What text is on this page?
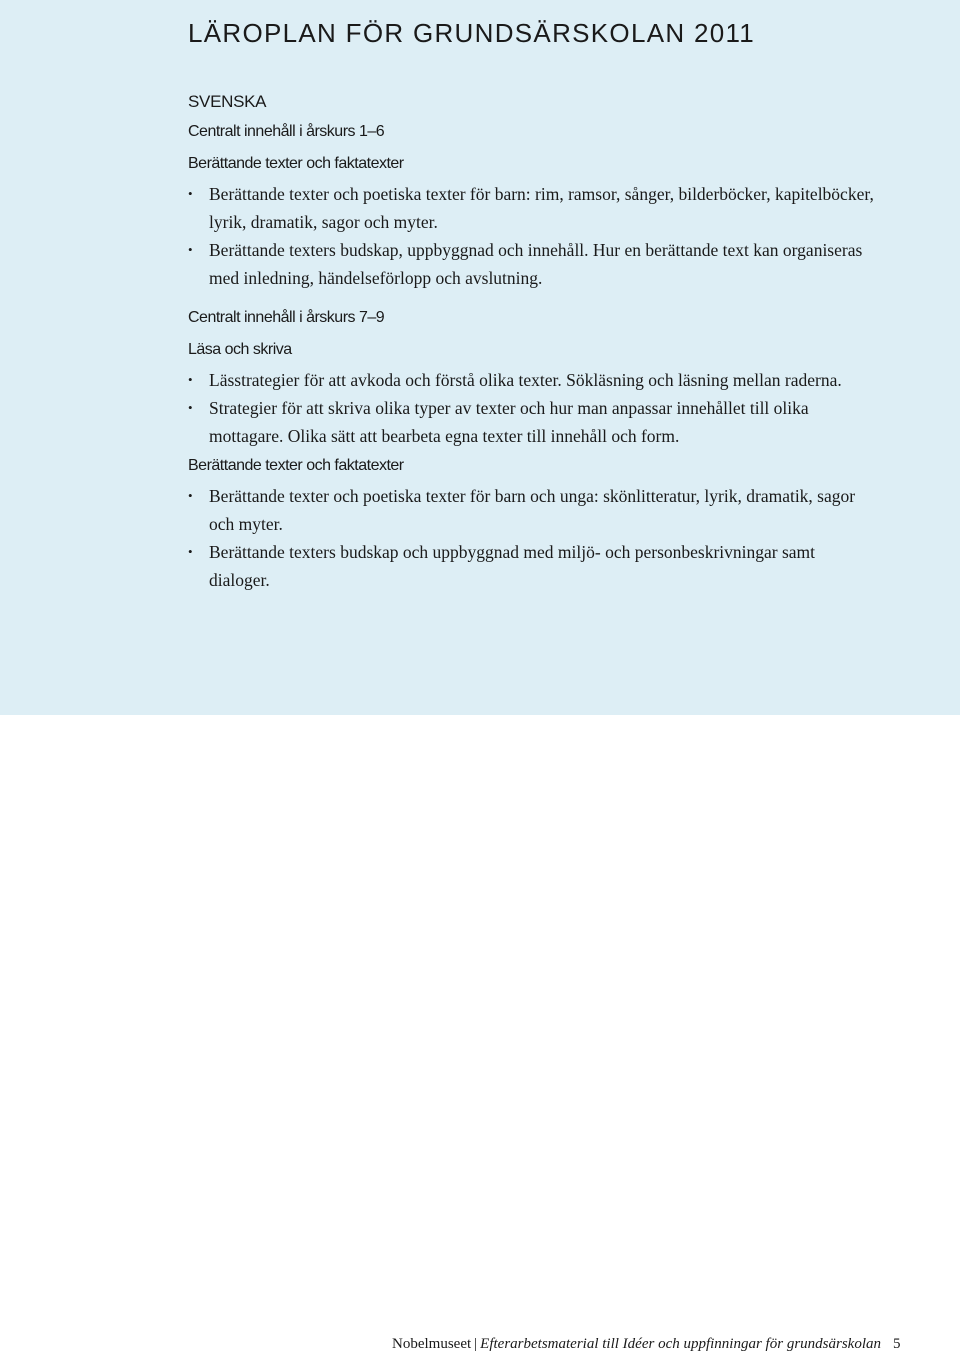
LÄROPLAN FÖR GRUNDSÄRSKOLAN 2011

SVENSKA

Centralt innehåll i årskurs 1–6

Berättande texter och faktatexter

• Berättande texter och poetiska texter för barn: rim, ramsor, sånger, bilderböcker, kapitelböcker, lyrik, dramatik, sagor och myter.
• Berättande texters budskap, uppbyggnad och innehåll. Hur en berättande text kan organiseras med inledning, händelseförlopp och avslutning.

Centralt innehåll i årskurs 7–9

Läsa och skriva

• Lässtrategier för att avkoda och förstå olika texter. Sökläsning och läsning mellan raderna.
• Strategier för att skriva olika typer av texter och hur man anpassar innehållet till olika mottagare. Olika sätt att bearbeta egna texter till innehåll och form.

Berättande texter och faktatexter

• Berättande texter och poetiska texter för barn och unga: skönlitteratur, lyrik, dramatik, sagor och myter.
• Berättande texters budskap och uppbyggnad med miljö- och personbeskrivningar samt dialoger.
Nobelmuseet | Efterarbetsmaterial till Idéer och uppfinningar för grundsärskolan 5
